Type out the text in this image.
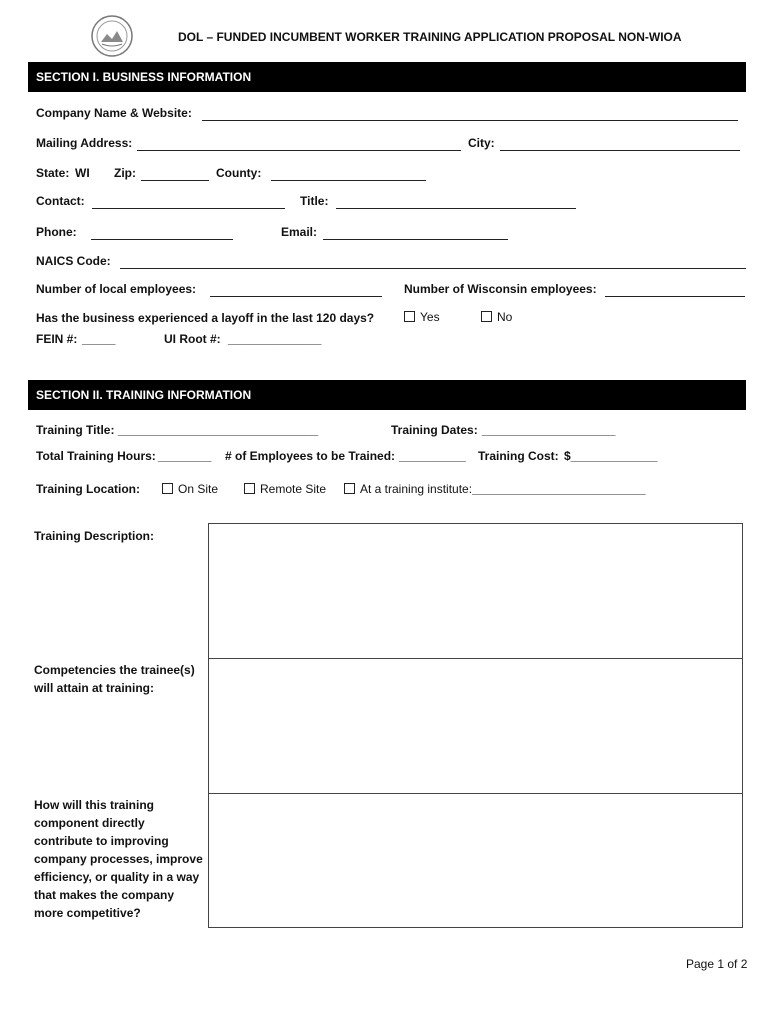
DOL – FUNDED INCUMBENT WORKER TRAINING APPLICATION PROPOSAL NON-WIOA
SECTION I. BUSINESS INFORMATION
Company Name & Website:
Mailing Address:	City:
State: WI Zip:	County:
Contact:	Title:
Phone:	Email:
NAICS Code:
Number of local employees:	Number of Wisconsin employees:
Has the business experienced a layoff in the last 120 days?	Yes	No
FEIN #: _____	UI Root #: ______________
SECTION II. TRAINING INFORMATION
Training Title: ______________________________	Training Dates: ____________________
Total Training Hours: ________ # of Employees to be Trained: __________ Training Cost: $_____________
Training Location:	On Site	Remote Site	At a training institute:__________________________
Training Description:
Competencies the trainee(s) will attain at training:
How will this training component directly contribute to improving company processes, improve efficiency, or quality in a way that makes the company more competitive?
Page 1 of 2
